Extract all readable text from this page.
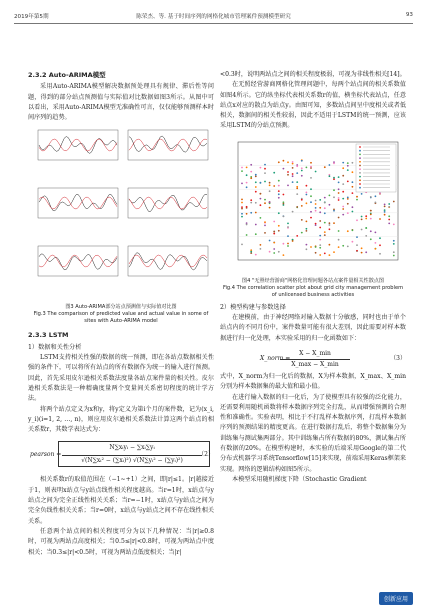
2019年第5期	陈荣杰、等. 基于时间序列的网格化城市管理案件预测模型研究	93
2.3.2 Auto-ARIMA模型

采用Auto-ARIMA模型解决数据预处理具有规律、滞后性等问题，得到的部分站点预测值与实际值对比数据如图3所示。从图中可以看出，采用Auto-ARIMA模型无准确性可言，仅仅能够预测样本时间序列的趋势。

图3 Auto-ARIMA部分站点预测值与实际值对比图
Fig.3 The comparison of predicted value and actual value in some of sites with Auto-ARIMA model
2.3.3 LSTM
1）数据和关性分析

LSTM支持相关性强的数据的统一预测，即在各站点数据相关性强的条件下，可以将所有站点的所有数据作为统一的输入进行预测。因此，首先采用皮尔逊相关系数法度量各站点案件量的相关性。皮尔逊相关系数法是一种精确度量两个变量间关系密切程度的统计学方法。

将两个站点定义为x和y，将y定义为第i个月的案件数，记为(x_i, y_i)(i=1, 2, …, n)，则应用皮尔逊相关系数法计算这两个站点的相关系数r，其数学表达式为：

pearson =
N∑xᵢyᵢ − ∑xᵢ∑yᵢ
√(N∑xᵢ² − (∑xᵢ)²) √(N∑yᵢ² − (∑yᵢ)²)
（2）

相关系数r的取值范围在（−1~+1）之间，即|r|≤1。|r|越接近于1，则表明x站点与y站点线性相关程度越高。当r=1时，x站点与y站点之间为完全正线性相关关系；当r=−1时，x站点与y站点之间为完全负线性相关关系；当r=0时，x站点与y站点之间不存在线性相关关系。

任意两个站点间的相关程度可分为以下几种情况：当|r|≥0.8时，可视为两站点高度相关；当0.5≤|r|<0.8时，可视为两站点中度相关；当0.3≤|r|<0.5时，可视为两站点低度相关；当|r|

<0.3时，说明两站点之间的相关程度极弱，可视为非线性相关[14]。

在无照经营游商网格化管理问题中，每两个站点间的相关系数值如图4所示。它的纵坐标代表相关系数r的值，横坐标代表站点，任意站点x对应的散点为站点y。由图可知，多数站点间呈中度相关或者低相关，数据间的相关性较弱，因此不适用于LSTM的统一预测，应该采用LSTM的分站点预测。

图4 "无照经营游商"网格化管理问题各站点案件量相关性散点图
Fig.4 The correlation scatter plot about grid city management problem of unlicensed business activities
2）模型构建与参数选择

在建模前，由于神经网络对输入数据十分敏感，同时也由于单个站点内的不同月份中，案件数量可能有很大差别，因此需要对样本数据进行归一化处理，本实验采用的归一化函数如下：

X_norm =
X − X_min
X_max − X_min
（3）

式中，X_norm为归一化后的数据，X为样本数据，X_max、X_min分别为样本数据集的最大值和最小值。

在进行输入数据的归一化后，为了使模型具有较强的泛化能力，还需要利用随机函数将样本数据序列完全打乱，从而增强预测的合理性和准确性。实验表明，相比于不打乱样本数据序列，打乱样本数据序列的预测结果的精度更高。在进行数据打乱后，将整个数据集分为训练集与测试集两部分。其中训练集占所有数据的80%，测试集占所有数据的20%。在模型构建时，本实验的后端采用Google的第二代分布式机器学习系统Tensorflow[15]来实现，前端采用Keras框架来实现。网络的逻辑结构如图5所示。

本模型采用随机梯度下降（Stochastic Gradient

创新应用
